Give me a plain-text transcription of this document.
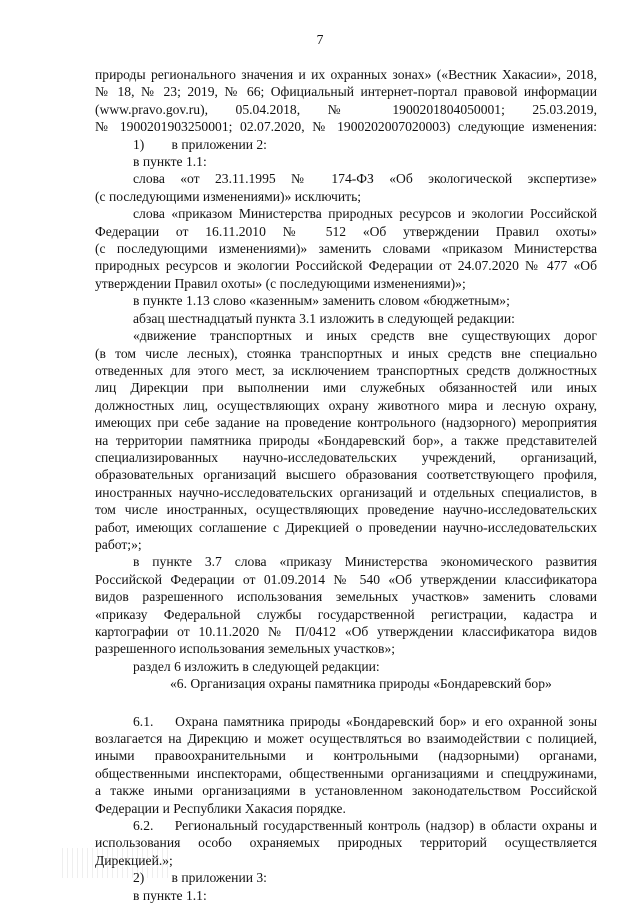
7
природы регионального значения и их охранных зонах» («Вестник Хакасии», 2018,
№ 18, № 23; 2019, № 66; Официальный интернет-портал правовой информации
(www.pravo.gov.ru), 05.04.2018, № 1900201804050001; 25.03.2019,
№ 1900201903250001; 02.07.2020, № 1900202007020003) следующие изменения:
1)        в приложении 2:
в пункте 1.1:
слова «от 23.11.1995 № 174-ФЗ «Об экологической экспертизе»
(с последующими изменениями)» исключить;
слова «приказом Министерства природных ресурсов и экологии Российской
Федерации от 16.11.2010 № 512 «Об утверждении Правил охоты»
(с последующими изменениями)» заменить словами «приказом Министерства
природных ресурсов и экологии Российской Федерации от 24.07.2020 № 477 «Об
утверждении Правил охоты» (с последующими изменениями)»;
в пункте 1.13 слово «казенным» заменить словом «бюджетным»;
абзац шестнадцатый пункта 3.1 изложить в следующей редакции:
«движение транспортных и иных средств вне существующих дорог
(в том числе лесных), стоянка транспортных и иных средств вне специально
отведенных для этого мест, за исключением транспортных средств должностных
лиц Дирекции при выполнении ими служебных обязанностей или иных
должностных лиц, осуществляющих охрану животного мира и лесную охрану,
имеющих при себе задание на проведение контрольного (надзорного) мероприятия
на территории памятника природы «Бондаревский бор», а также представителей
специализированных научно-исследовательских учреждений, организаций,
образовательных организаций высшего образования соответствующего профиля,
иностранных научно-исследовательских организаций и отдельных специалистов, в
том числе иностранных, осуществляющих проведение научно-исследовательских
работ, имеющих соглашение с Дирекцией о проведении научно-исследовательских
работ;»;
в пункте 3.7 слова «приказу Министерства экономического развития
Российской Федерации от 01.09.2014 № 540 «Об утверждении классификатора
видов разрешенного использования земельных участков» заменить словами
«приказу Федеральной службы государственной регистрации, кадастра и
картографии от 10.11.2020 № П/0412 «Об утверждении классификатора видов
разрешенного использования земельных участков»;
раздел 6 изложить в следующей редакции:
«6. Организация охраны памятника природы «Бондаревский бор»
6.1.    Охрана памятника природы «Бондаревский бор» и его охранной зоны
возлагается на Дирекцию и может осуществляться во взаимодействии с полицией,
иными правоохранительными и контрольными (надзорными) органами,
общественными инспекторами, общественными организациями и спецдружинами,
а также иными организациями в установленном законодательством Российской
Федерации и Республики Хакасия порядке.
6.2.    Региональный государственный контроль (надзор) в области охраны и
использования особо охраняемых природных территорий осуществляется
Дирекцией.»;
2)        в приложении 3:
в пункте 1.1:
